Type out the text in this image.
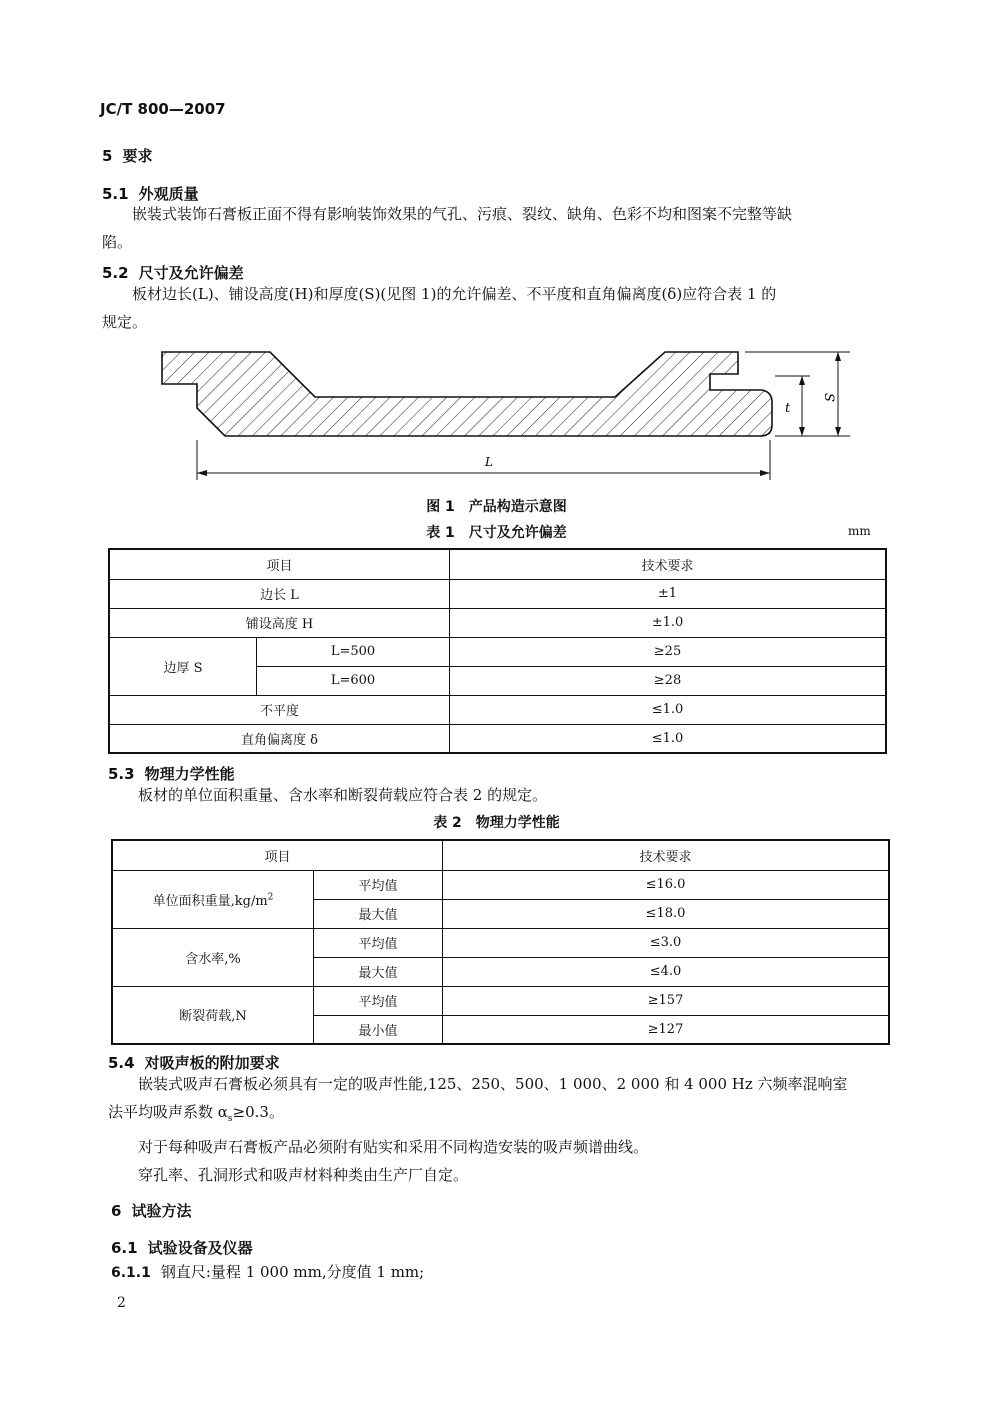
JC/T 800—2007
5 要求
5.1 外观质量
嵌装式装饰石膏板正面不得有影响装饰效果的气孔、污痕、裂纹、缺角、色彩不均和图案不完整等缺
陷。
5.2 尺寸及允许偏差
板材边长(L)、铺设高度(H)和厚度(S)(见图 1)的允许偏差、不平度和直角偏离度(δ)应符合表 1 的
规定。
L
t
S
图 1　产品构造示意图
表 1　尺寸及允许偏差	mm
项目		技术要求
边长 L		±1
铺设高度 H		±1.0
边厚 S	L=500	≥25
	L=600	≥28
不平度		≤1.0
直角偏离度 δ		≤1.0
5.3 物理力学性能
板材的单位面积重量、含水率和断裂荷载应符合表 2 的规定。
表 2　物理力学性能
项目		技术要求
单位面积重量$,kg/m^2$	平均值	≤16.0
	最大值	≤18.0
含水率,%	平均值	≤3.0
	最大值	≤4.0
断裂荷载,N	平均值	≥157
	最小值	≥127
5.4 对吸声板的附加要求
嵌装式吸声石膏板必须具有一定的吸声性能,125、250、500、1 000、2 000 和 4 000 Hz 六频率混响室
法平均吸声系数 $\alpha_s\ge 0.3$。
对于每种吸声石膏板产品必须附有贴实和采用不同构造安装的吸声频谱曲线。
穿孔率、孔洞形式和吸声材料种类由生产厂自定。
6 试验方法
6.1 试验设备及仪器
6.1.1 钢直尺:量程 1 000 mm,分度值 1 mm;
2
